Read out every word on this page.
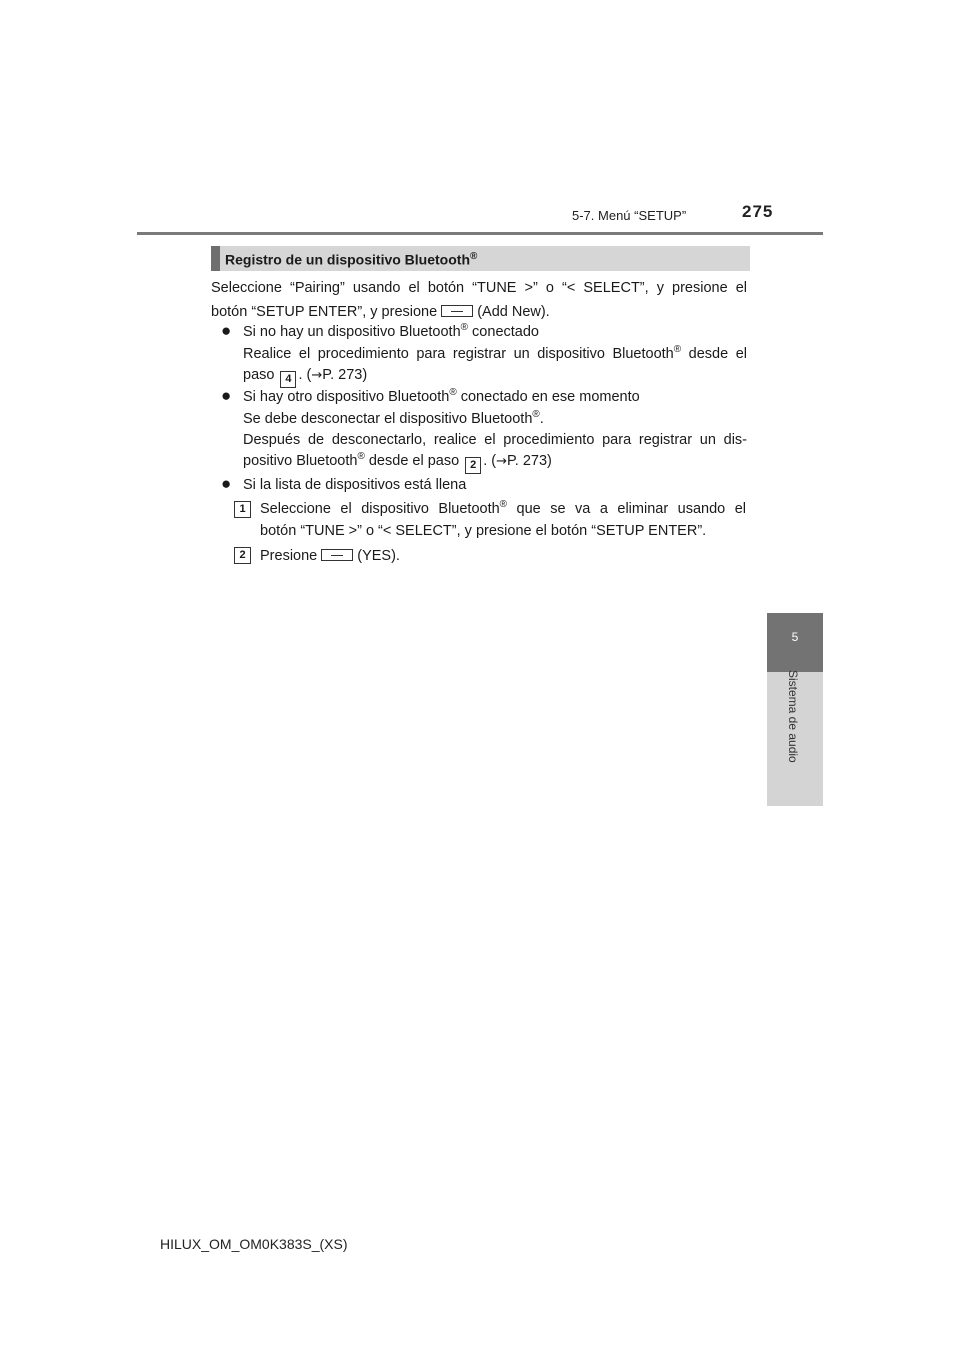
5-7. Menú “SETUP”	275
5
Sistema de audio
Registro de un dispositivo Bluetooth®
Seleccione “Pairing” usando el botón “TUNE >” o “< SELECT”, y presione el
botón “SETUP ENTER”, y presione	(Add New).
● Si no hay un dispositivo Bluetooth® conectado
Realice el procedimiento para registrar un dispositivo Bluetooth® desde el
paso 4 . (→P. 273)
● Si hay otro dispositivo Bluetooth® conectado en ese momento
Se debe desconectar el dispositivo Bluetooth®.
Después de desconectarlo, realice el procedimiento para registrar un dis-
positivo Bluetooth® desde el paso 2 . (→P. 273)
● Si la lista de dispositivos está llena
1 Seleccione el dispositivo Bluetooth® que se va a eliminar usando el
botón “TUNE >” o “< SELECT”, y presione el botón “SETUP ENTER”.
2 Presione	(YES).
HILUX_OM_OM0K383S_(XS)
